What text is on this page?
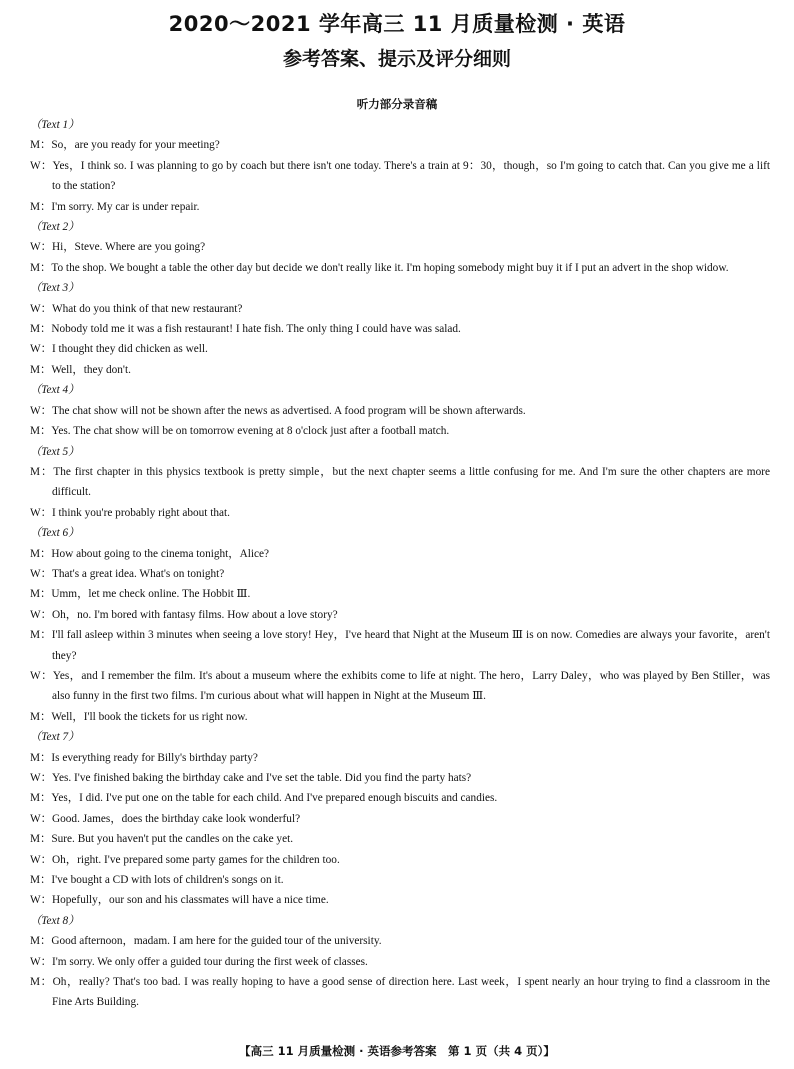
2020～2021 学年高三 11 月质量检测 · 英语
参考答案、提示及评分细则
听力部分录音稿
（Text 1）
M：So，are you ready for your meeting?
W：Yes，I think so. I was planning to go by coach but there isn't one today. There's a train at 9：30，though，so I'm going to catch that. Can you give me a lift to the station?
M：I'm sorry. My car is under repair.
（Text 2）
W：Hi，Steve. Where are you going?
M：To the shop. We bought a table the other day but decide we don't really like it. I'm hoping somebody might buy it if I put an advert in the shop widow.
（Text 3）
W：What do you think of that new restaurant?
M：Nobody told me it was a fish restaurant! I hate fish. The only thing I could have was salad.
W：I thought they did chicken as well.
M：Well，they don't.
（Text 4）
W：The chat show will not be shown after the news as advertised. A food program will be shown afterwards.
M：Yes. The chat show will be on tomorrow evening at 8 o'clock just after a football match.
（Text 5）
M：The first chapter in this physics textbook is pretty simple，but the next chapter seems a little confusing for me. And I'm sure the other chapters are more difficult.
W：I think you're probably right about that.
（Text 6）
M：How about going to the cinema tonight，Alice?
W：That's a great idea. What's on tonight?
M：Umm，let me check online. The Hobbit Ⅲ.
W：Oh，no. I'm bored with fantasy films. How about a love story?
M：I'll fall asleep within 3 minutes when seeing a love story! Hey，I've heard that Night at the Museum Ⅲ is on now. Comedies are always your favorite，aren't they?
W：Yes，and I remember the film. It's about a museum where the exhibits come to life at night. The hero，Larry Daley，who was played by Ben Stiller，was also funny in the first two films. I'm curious about what will happen in Night at the Museum Ⅲ.
M：Well，I'll book the tickets for us right now.
（Text 7）
M：Is everything ready for Billy's birthday party?
W：Yes. I've finished baking the birthday cake and I've set the table. Did you find the party hats?
M：Yes，I did. I've put one on the table for each child. And I've prepared enough biscuits and candies.
W：Good. James，does the birthday cake look wonderful?
M：Sure. But you haven't put the candles on the cake yet.
W：Oh，right. I've prepared some party games for the children too.
M：I've bought a CD with lots of children's songs on it.
W：Hopefully，our son and his classmates will have a nice time.
（Text 8）
M：Good afternoon，madam. I am here for the guided tour of the university.
W：I'm sorry. We only offer a guided tour during the first week of classes.
M：Oh，really? That's too bad. I was really hoping to have a good sense of direction here. Last week，I spent nearly an hour trying to find a classroom in the Fine Arts Building.
【高三 11 月质量检测 · 英语参考答案　第 1 页（共 4 页）】
